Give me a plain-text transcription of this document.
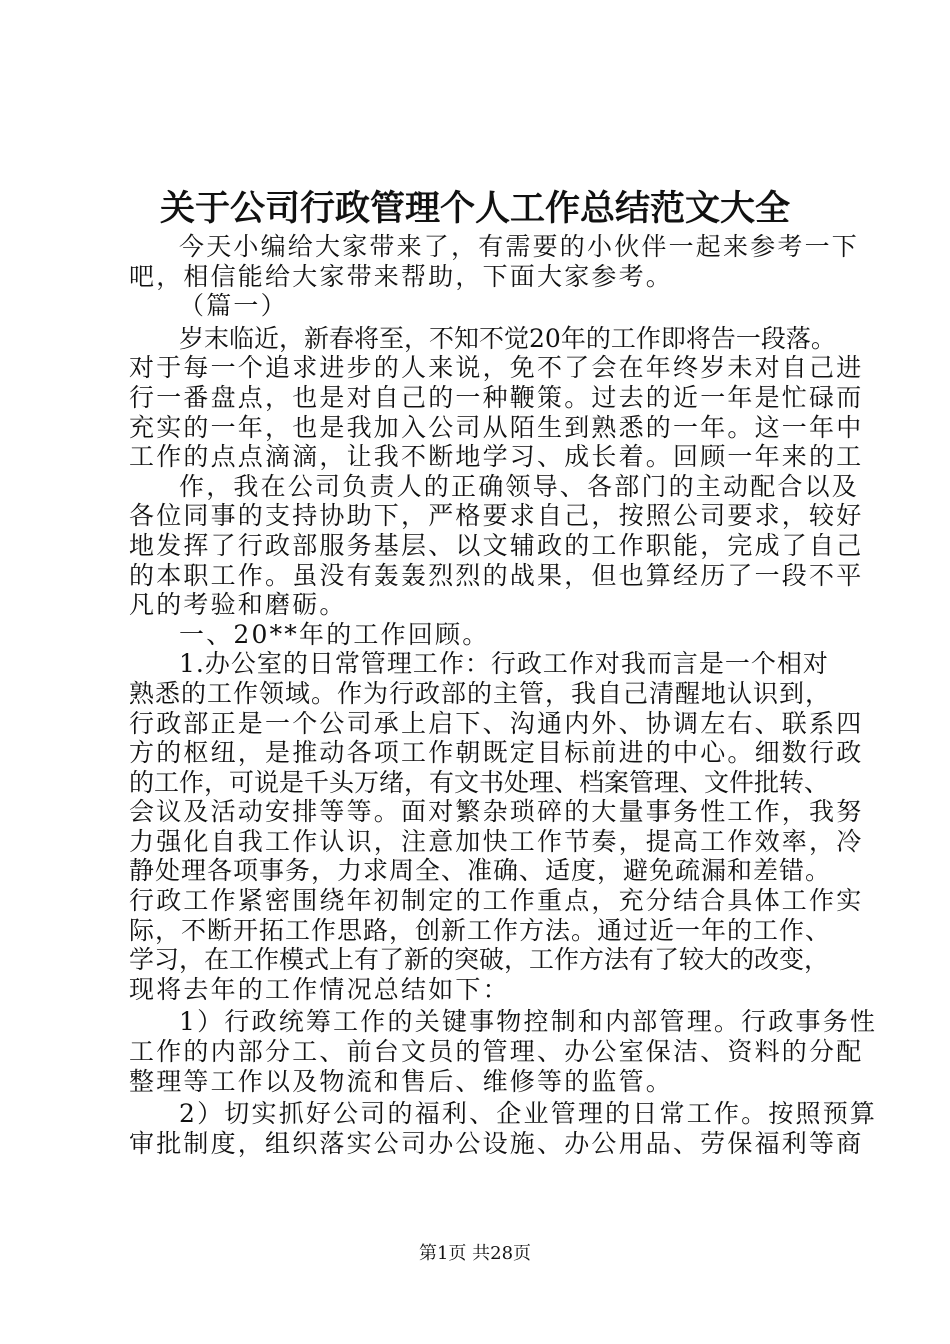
关于公司行政管理个人工作总结范文大全
今天小编给大家带来了，有需要的小伙伴一起来参考一下
吧，相信能给大家带来帮助，下面大家参考。
（篇一）
岁末临近，新春将至，不知不觉20年的工作即将告一段落。
对于每一个追求进步的人来说，免不了会在年终岁未对自己进
行一番盘点，也是对自己的一种鞭策。过去的近一年是忙碌而
充实的一年，也是我加入公司从陌生到熟悉的一年。这一年中
工作的点点滴滴，让我不断地学习、成长着。回顾一年来的工
作，我在公司负责人的正确领导、各部门的主动配合以及
各位同事的支持协助下，严格要求自己，按照公司要求，较好
地发挥了行政部服务基层、以文辅政的工作职能，完成了自己
的本职工作。虽没有轰轰烈烈的战果，但也算经历了一段不平
凡的考验和磨砺。
一、20**年的工作回顾。
1.办公室的日常管理工作：行政工作对我而言是一个相对
熟悉的工作领域。作为行政部的主管，我自己清醒地认识到，
行政部正是一个公司承上启下、沟通内外、协调左右、联系四
方的枢纽，是推动各项工作朝既定目标前进的中心。细数行政
的工作，可说是千头万绪，有文书处理、档案管理、文件批转、
会议及活动安排等等。面对繁杂琐碎的大量事务性工作，我努
力强化自我工作认识，注意加快工作节奏，提高工作效率，冷
静处理各项事务，力求周全、准确、适度，避免疏漏和差错。
行政工作紧密围绕年初制定的工作重点，充分结合具体工作实
际，不断开拓工作思路，创新工作方法。通过近一年的工作、
学习，在工作模式上有了新的突破，工作方法有了较大的改变，
现将去年的工作情况总结如下：
1）行政统筹工作的关键事物控制和内部管理。行政事务性
工作的内部分工、前台文员的管理、办公室保洁、资料的分配
整理等工作以及物流和售后、维修等的监管。
2）切实抓好公司的福利、企业管理的日常工作。按照预算
审批制度，组织落实公司办公设施、办公用品、劳保福利等商
第1页 共28页
